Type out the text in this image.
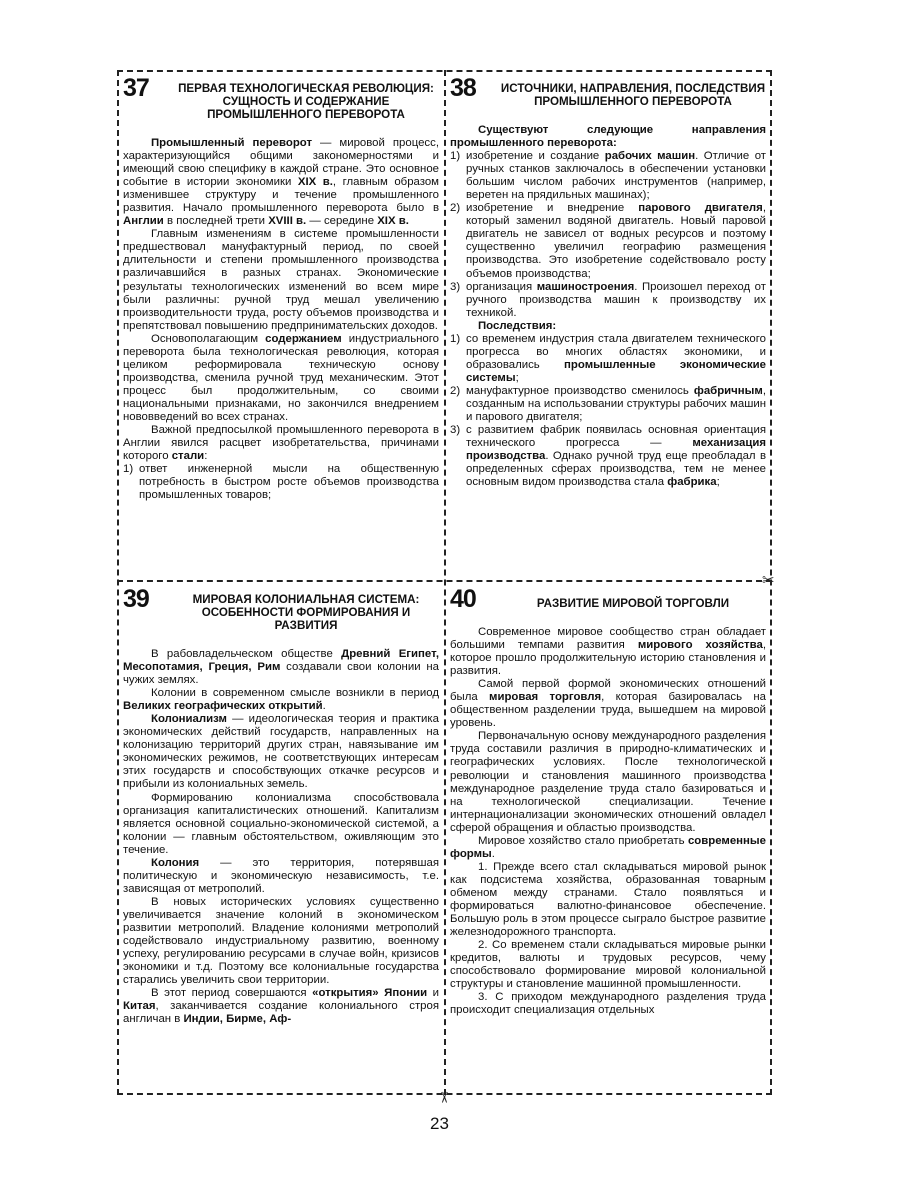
37	ПЕРВАЯ ТЕХНОЛОГИЧЕСКАЯ РЕВОЛЮЦИЯ: СУЩНОСТЬ И СОДЕРЖАНИЕ ПРОМЫШЛЕННОГО ПЕРЕВОРОТА

Промышленный переворот — мировой процесс, характеризующийся общими закономерностями и имеющий свою специфику в каждой стране. Это основное событие в истории экономики XIX в., главным образом изменившее структуру и течение промышленного развития. Начало промышленного переворота было в Англии в последней трети XVIII в. — середине XIX в.

Главным изменениям в системе промышленности предшествовал мануфактурный период, по своей длительности и степени промышленного производства различавшийся в разных странах. Экономические результаты технологических изменений во всем мире были различны: ручной труд мешал увеличению производительности труда, росту объемов производства и препятствовал повышению предпринимательских доходов.

Основополагающим содержанием индустриального переворота была технологическая революция, которая целиком реформировала техническую основу производства, сменила ручной труд механическим. Этот процесс был продолжительным, со своими национальными признаками, но закончился внедрением нововведений во всех странах.

Важной предпосылкой промышленного переворота в Англии явился расцвет изобретательства, причинами которого стали:

1) ответ инженерной мысли на общественную потребность в быстром росте объемов производства промышленных товаров;
38 ИСТОЧНИКИ, НАПРАВЛЕНИЯ, ПОСЛЕДСТВИЯ ПРОМЫШЛЕННОГО ПЕРЕВОРОТА

Существуют следующие направления промышленного переворота:

1) изобретение и создание рабочих машин. Отличие от ручных станков заключалось в обеспечении установки большим числом рабочих инструментов (например, веретен на прядильных машинах);
2) изобретение и внедрение парового двигателя, который заменил водяной двигатель. Новый паровой двигатель не зависел от водных ресурсов и поэтому существенно увеличил географию размещения производства. Это изобретение содействовало росту объемов производства;
3) организация машиностроения. Произошел переход от ручного производства машин к производству их техникой.

Последствия:

1) со временем индустрия стала двигателем технического прогресса во многих областях экономики, и образовались промышленные экономические системы;
2) мануфактурное производство сменилось фабричным, созданным на использовании структуры рабочих машин и парового двигателя;
3) с развитием фабрик появилась основная ориентация технического прогресса — механизация производства. Однако ручной труд еще преобладал в определенных сферах производства, тем не менее основным видом производства стала фабрика;
39	МИРОВАЯ КОЛОНИАЛЬНАЯ СИСТЕМА: ОСОБЕННОСТИ ФОРМИРОВАНИЯ И РАЗВИТИЯ

В рабовладельческом обществе Древний Египет, Месопотамия, Греция, Рим создавали свои колонии на чужих землях.

Колонии в современном смысле возникли в период Великих географических открытий.

Колониализм — идеологическая теория и практика экономических действий государств, направленных на колонизацию территорий других стран, навязывание им экономических режимов, не соответствующих интересам этих государств и способствующих откачке ресурсов и прибыли из колониальных земель.

Формированию колониализма способствовала организация капиталистических отношений. Капитализм является основной социально-экономической системой, а колонии — главным обстоятельством, оживляющим это течение.

Колония — это территория, потерявшая политическую и экономическую независимость, т.е. зависящая от метрополий.

В новых исторических условиях существенно увеличивается значение колоний в экономическом развитии метрополий. Владение колониями метрополий содействовало индустриальному развитию, военному успеху, регулированию ресурсами в случае войн, кризисов экономики и т.д. Поэтому все колониальные государства старались увеличить свои территории.

В этот период совершаются «открытия» Японии и Китая, заканчивается создание колониального строя англичан в Индии, Бирме, Аф-

40	РАЗВИТИЕ МИРОВОЙ ТОРГОВЛИ

Современное мировое сообщество стран обладает большими темпами развития мирового хозяйства, которое прошло продолжительную историю становления и развития.

Самой первой формой экономических отношений была мировая торговля, которая базировалась на общественном разделении труда, вышедшем на мировой уровень.

Первоначальную основу международного разделения труда составили различия в природно-климатических и географических условиях. После технологической революции и становления машинного производства международное разделение труда стало базироваться и на технологической специализации. Течение интернационализации экономических отношений овладел сферой обращения и областью производства.

Мировое хозяйство стало приобретать современные формы.

1. Прежде всего стал складываться мировой рынок как подсистема хозяйства, образованная товарным обменом между странами. Стало появляться и формироваться валютно-финансовое обеспечение. Большую роль в этом процессе сыграло быстрое развитие железнодорожного транспорта.

2. Со временем стали складываться мировые рынки кредитов, валюты и трудовых ресурсов, чему способствовало формирование мировой колониальной структуры и становление машинной промышленности.

3. С приходом международного разделения труда происходит специализация отдельных

✂
✂
23
